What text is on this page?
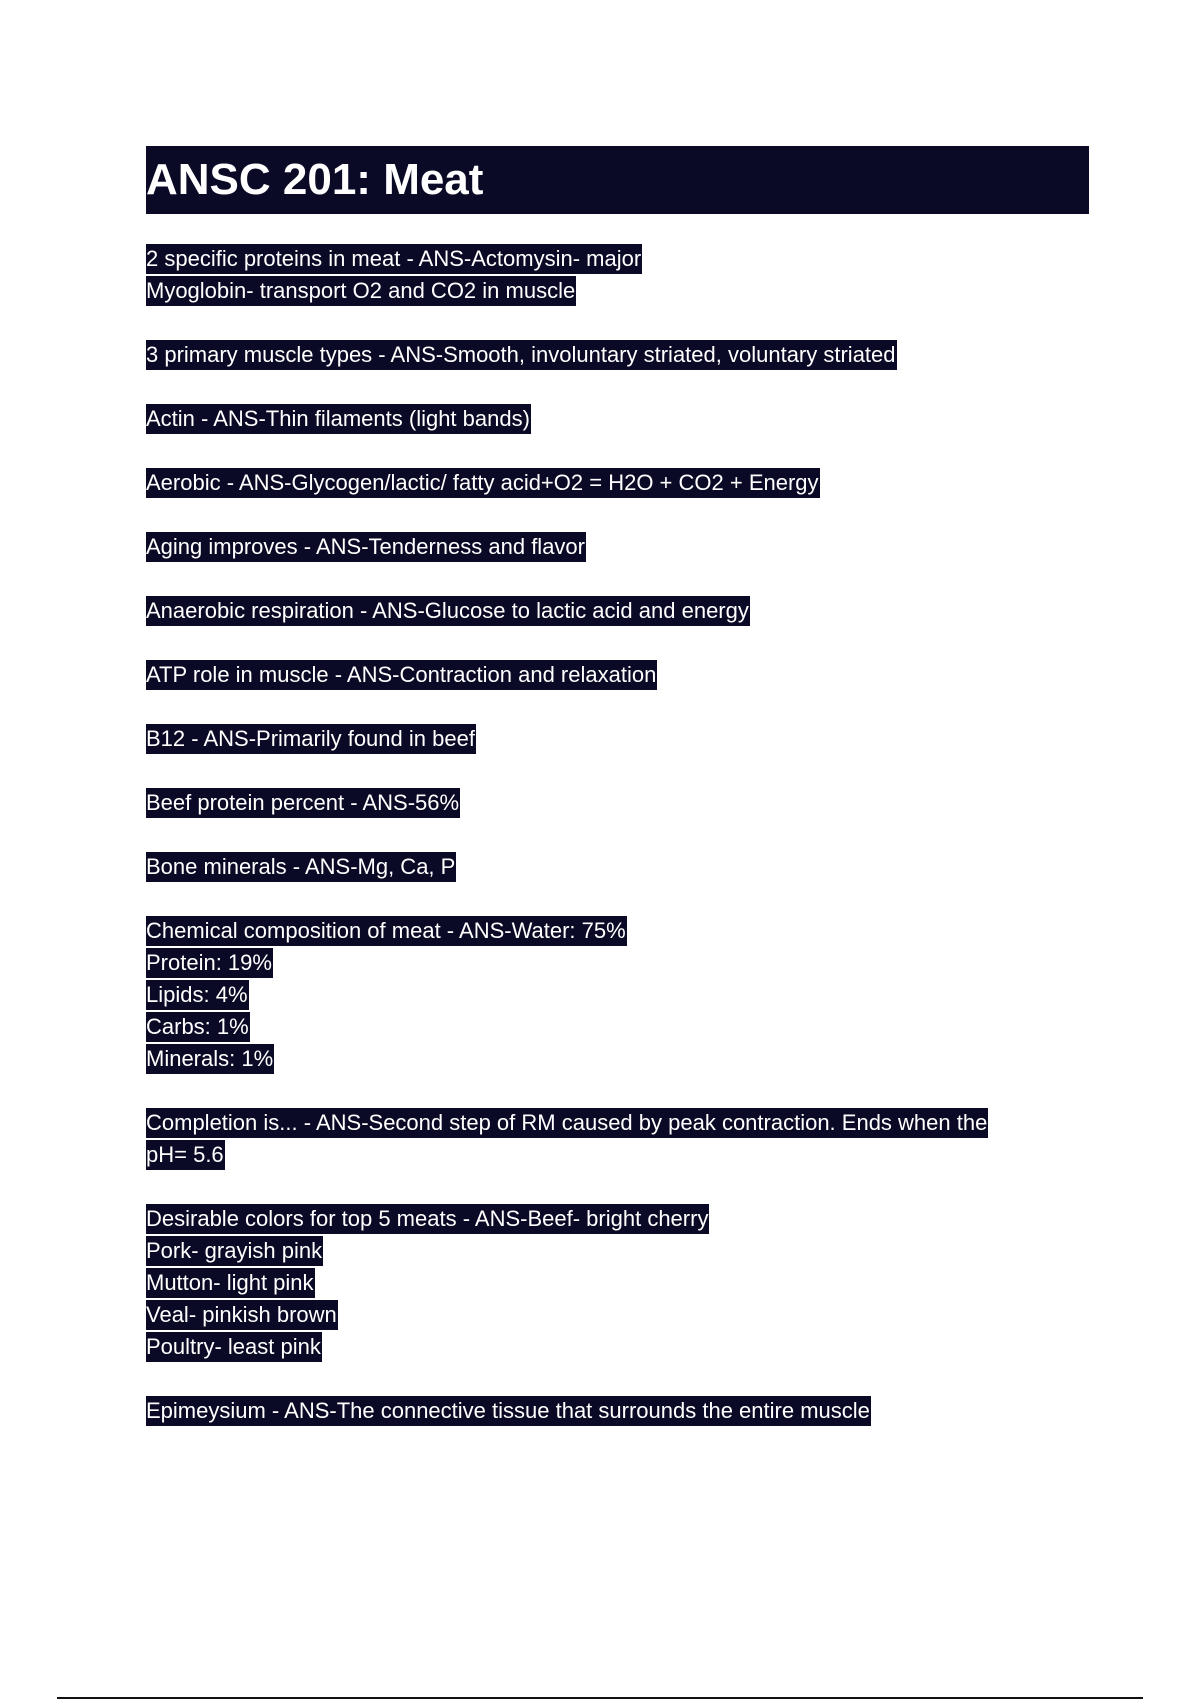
ANSC 201: Meat
2 specific proteins in meat - ANS-Actomysin- major
Myoglobin- transport O2 and CO2 in muscle
3 primary muscle types - ANS-Smooth, involuntary striated, voluntary striated
Actin - ANS-Thin filaments (light bands)
Aerobic - ANS-Glycogen/lactic/ fatty acid+O2 = H2O + CO2 + Energy
Aging improves - ANS-Tenderness and flavor
Anaerobic respiration - ANS-Glucose to lactic acid and energy
ATP role in muscle - ANS-Contraction and relaxation
B12 - ANS-Primarily found in beef
Beef protein percent - ANS-56%
Bone minerals - ANS-Mg, Ca, P
Chemical composition of meat - ANS-Water: 75%
Protein: 19%
Lipids: 4%
Carbs: 1%
Minerals: 1%
Completion is... - ANS-Second step of RM caused by peak contraction. Ends when the
pH= 5.6
Desirable colors for top 5 meats - ANS-Beef- bright cherry
Pork- grayish pink
Mutton- light pink
Veal- pinkish brown
Poultry- least pink
Epimeysium - ANS-The connective tissue that surrounds the entire muscle
